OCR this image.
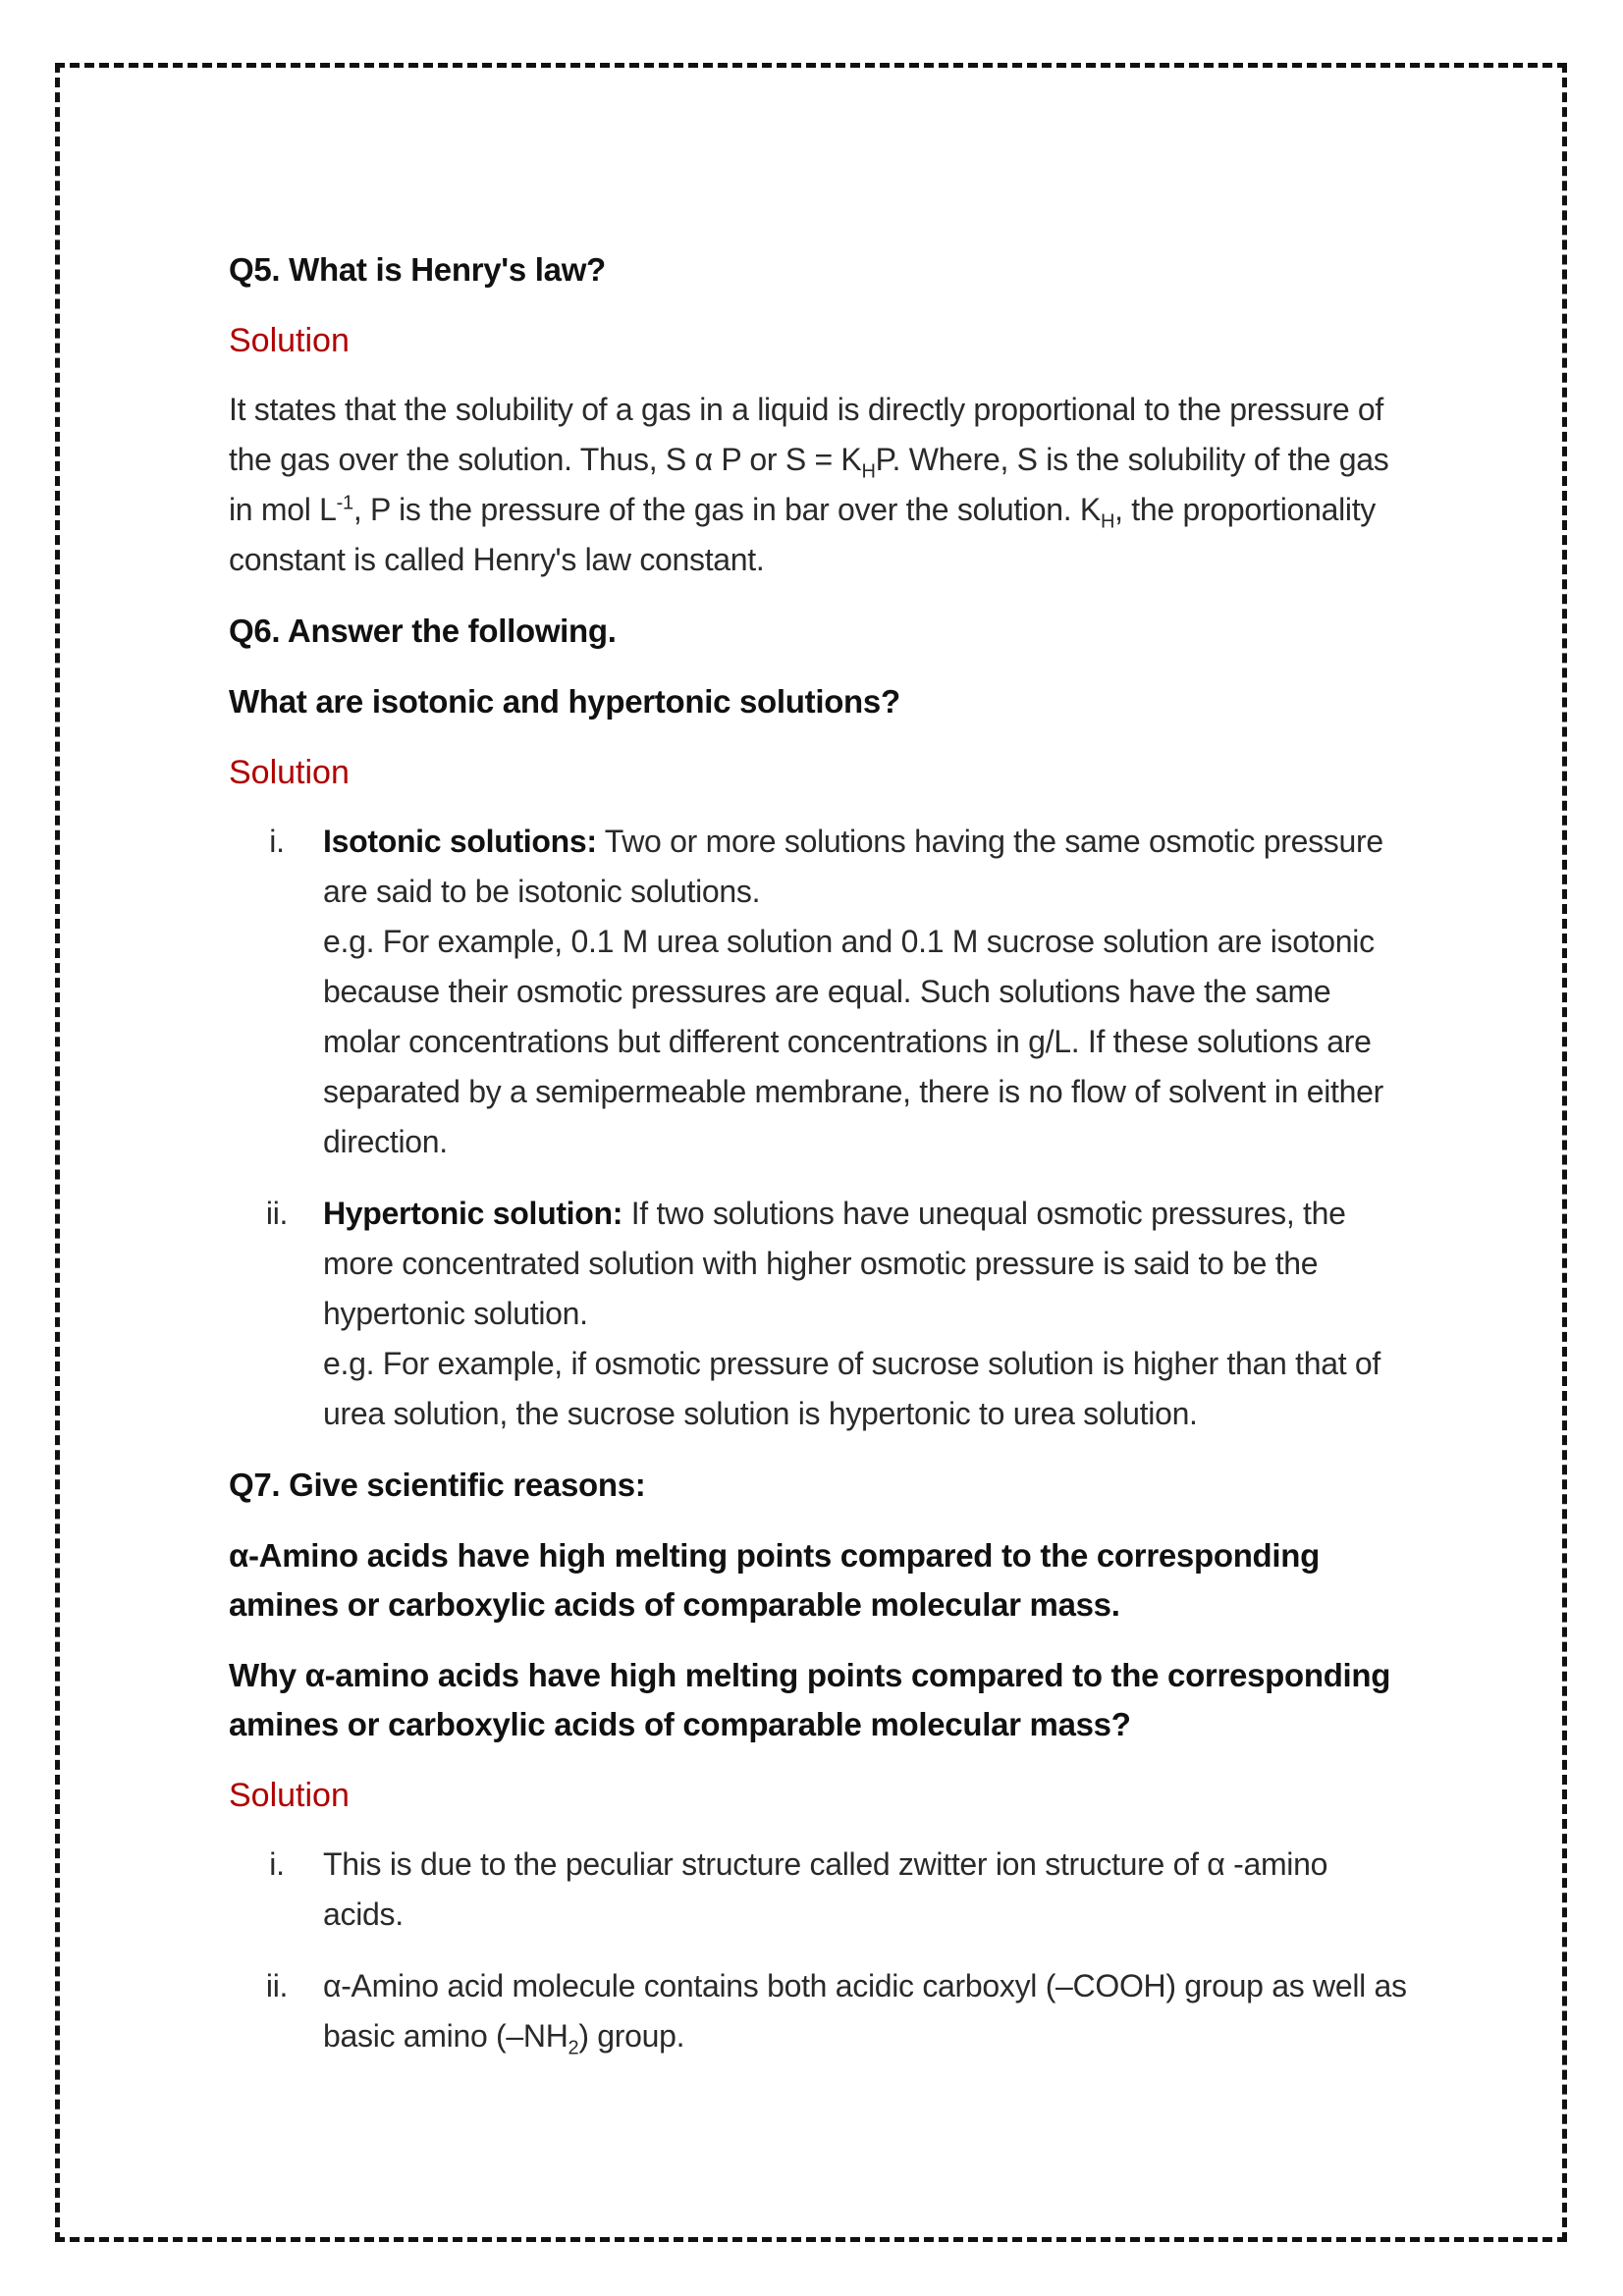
Q5. What is Henry's law?
Solution
It states that the solubility of a gas in a liquid is directly proportional to the pressure of the gas over the solution. Thus, S α P or $S = K_HP$. Where, S is the solubility of the gas in mol $L^{-1}$, P is the pressure of the gas in bar over the solution. $K_H$, the proportionality constant is called Henry's law constant.
Q6. Answer the following.
What are isotonic and hypertonic solutions?
Solution
i.	Isotonic solutions: Two or more solutions having the same osmotic pressure are said to be isotonic solutions.
e.g. For example, 0.1 M urea solution and 0.1 M sucrose solution are isotonic because their osmotic pressures are equal. Such solutions have the same molar concentrations but different concentrations in g/L. If these solutions are separated by a semipermeable membrane, there is no flow of solvent in either direction.
ii.	Hypertonic solution: If two solutions have unequal osmotic pressures, the more concentrated solution with higher osmotic pressure is said to be the hypertonic solution.
e.g. For example, if osmotic pressure of sucrose solution is higher than that of urea solution, the sucrose solution is hypertonic to urea solution.
Q7. Give scientific reasons:
α-Amino acids have high melting points compared to the corresponding amines or carboxylic acids of comparable molecular mass.
Why α-amino acids have high melting points compared to the corresponding amines or carboxylic acids of comparable molecular mass?
Solution
i.	This is due to the peculiar structure called zwitter ion structure of α -amino acids.
ii.	α-Amino acid molecule contains both acidic carboxyl (–COOH) group as well as basic amino $(-NH_2)$ group.
